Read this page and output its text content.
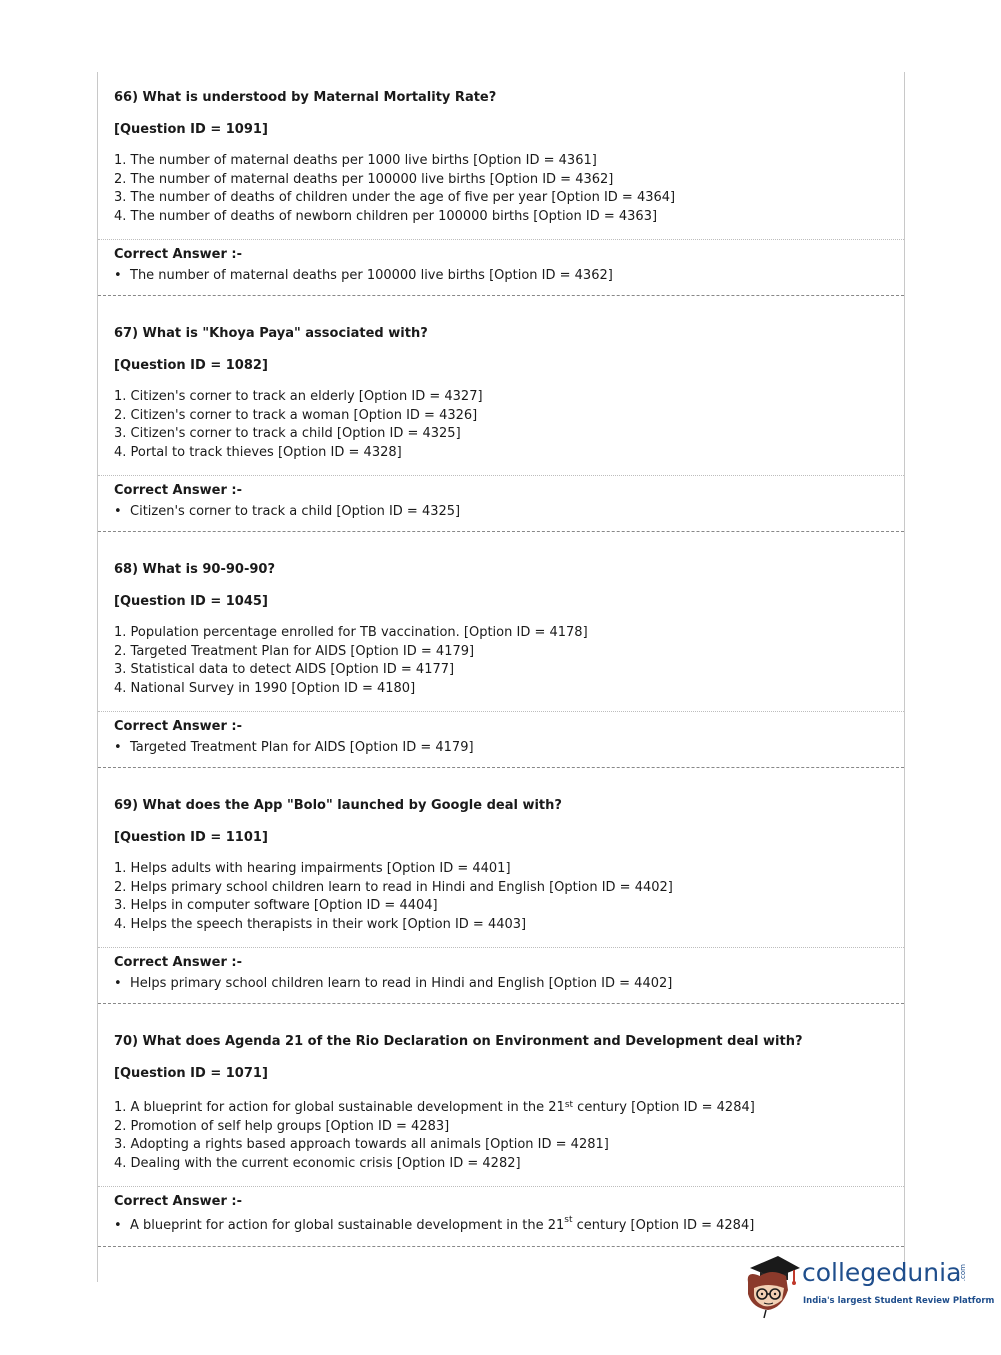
66) What is understood by Maternal Mortality Rate?
[Question ID = 1091]
1. The number of maternal deaths per 1000 live births [Option ID = 4361]
2. The number of maternal deaths per 100000 live births [Option ID = 4362]
3. The number of deaths of children under the age of five per year [Option ID = 4364]
4. The number of deaths of newborn children per 100000 births [Option ID = 4363]
Correct Answer :-
• The number of maternal deaths per 100000 live births [Option ID = 4362]
67) What is "Khoya Paya" associated with?
[Question ID = 1082]
1. Citizen's corner to track an elderly [Option ID = 4327]
2. Citizen's corner to track a woman [Option ID = 4326]
3. Citizen's corner to track a child [Option ID = 4325]
4. Portal to track thieves [Option ID = 4328]
Correct Answer :-
• Citizen's corner to track a child [Option ID = 4325]
68) What is 90-90-90?
[Question ID = 1045]
1. Population percentage enrolled for TB vaccination. [Option ID = 4178]
2. Targeted Treatment Plan for AIDS [Option ID = 4179]
3. Statistical data to detect AIDS [Option ID = 4177]
4. National Survey in 1990 [Option ID = 4180]
Correct Answer :-
• Targeted Treatment Plan for AIDS [Option ID = 4179]
69) What does the App "Bolo" launched by Google deal with?
[Question ID = 1101]
1. Helps adults with hearing impairments [Option ID = 4401]
2. Helps primary school children learn to read in Hindi and English [Option ID = 4402]
3. Helps in computer software [Option ID = 4404]
4. Helps the speech therapists in their work [Option ID = 4403]
Correct Answer :-
• Helps primary school children learn to read in Hindi and English [Option ID = 4402]
70) What does Agenda 21 of the Rio Declaration on Environment and Development deal with?
[Question ID = 1071]
1. A blueprint for action for global sustainable development in the 21st century [Option ID = 4284]
2. Promotion of self help groups [Option ID = 4283]
3. Adopting a rights based approach towards all animals [Option ID = 4281]
4. Dealing with the current economic crisis [Option ID = 4282]
Correct Answer :-
• A blueprint for action for global sustainable development in the 21st century [Option ID = 4284]
collegedunia
.com
India's largest Student Review Platform
